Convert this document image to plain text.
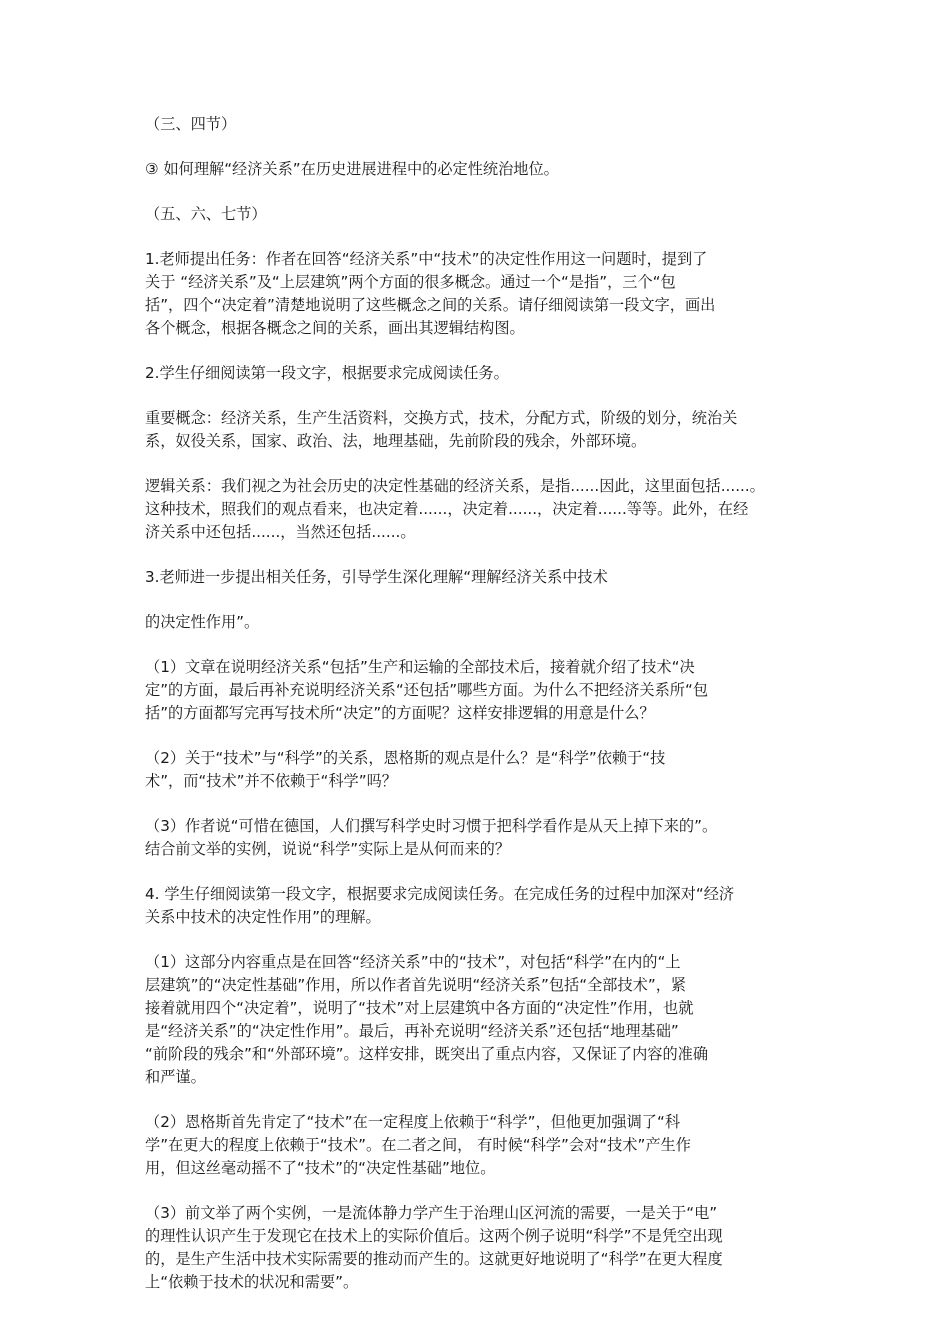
（三、四节）

③ 如何理解“经济关系”在历史进展进程中的必定性统治地位。

（五、六、七节）

1.老师提出任务：作者在回答“经济关系”中“技术”的决定性作用这一问题时，提到了
关于 “经济关系”及“上层建筑”两个方面的很多概念。通过一个“是指”，三个“包
括”，四个“决定着”清楚地说明了这些概念之间的关系。请仔细阅读第一段文字，画出
各个概念，根据各概念之间的关系，画出其逻辑结构图。

2.学生仔细阅读第一段文字，根据要求完成阅读任务。

重要概念：经济关系，生产生活资料，交换方式，技术，分配方式，阶级的划分，统治关
系，奴役关系，国家、政治、法，地理基础，先前阶段的残余，外部环境。

逻辑关系：我们视之为社会历史的决定性基础的经济关系，是指......因此，这里面包括......。
这种技术，照我们的观点看来，也决定着......，决定着......，决定着......等等。此外，在经
济关系中还包括......，当然还包括......。

3.老师进一步提出相关任务，引导学生深化理解“理解经济关系中技术

的决定性作用”。

（1）文章在说明经济关系“包括”生产和运输的全部技术后，接着就介绍了技术“决
定”的方面，最后再补充说明经济关系“还包括”哪些方面。为什么不把经济关系所“包
括”的方面都写完再写技术所“决定”的方面呢？这样安排逻辑的用意是什么？

（2）关于“技术”与“科学”的关系，恩格斯的观点是什么？是“科学”依赖于“技
术”，而“技术”并不依赖于“科学”吗？

（3）作者说“可惜在德国，人们撰写科学史时习惯于把科学看作是从天上掉下来的”。
结合前文举的实例，说说“科学”实际上是从何而来的？

4. 学生仔细阅读第一段文字，根据要求完成阅读任务。在完成任务的过程中加深对“经济
关系中技术的决定性作用”的理解。

（1）这部分内容重点是在回答“经济关系”中的“技术”，对包括“科学”在内的“上
层建筑”的“决定性基础”作用，所以作者首先说明“经济关系”包括“全部技术”，紧
接着就用四个“决定着”，说明了“技术”对上层建筑中各方面的“决定性”作用，也就
是“经济关系”的“决定性作用”。最后，再补充说明“经济关系”还包括“地理基础”
“前阶段的残余”和“外部环境”。这样安排，既突出了重点内容，又保证了内容的准确
和严谨。

（2）恩格斯首先肯定了“技术”在一定程度上依赖于“科学”，但他更加强调了“科
学”在更大的程度上依赖于“技术”。在二者之间， 有时候“科学”会对“技术”产生作
用，但这丝毫动摇不了“技术”的“决定性基础”地位。

（3）前文举了两个实例，一是流体静力学产生于治理山区河流的需要，一是关于“电”
的理性认识产生于发现它在技术上的实际价值后。这两个例子说明“科学”不是凭空出现
的，是生产生活中技术实际需要的推动而产生的。这就更好地说明了“科学”在更大程度
上“依赖于技术的状况和需要”。
